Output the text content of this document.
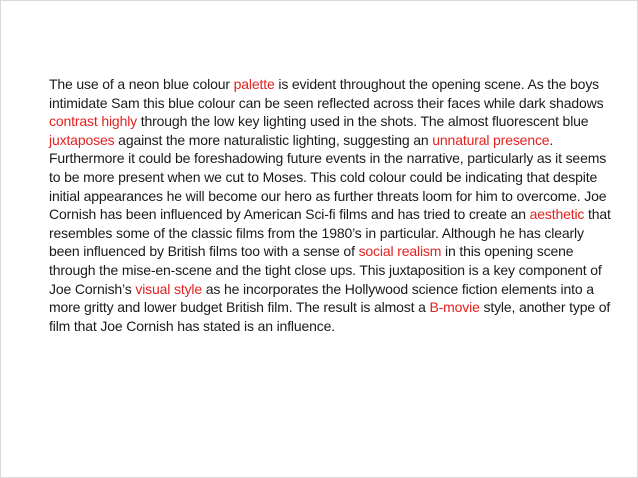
The use of a neon blue colour palette is evident throughout the opening scene. As the boys
intimidate Sam this blue colour can be seen reflected across their faces while dark shadows
contrast highly through the low key lighting used in the shots. The almost fluorescent blue
juxtaposes against the more naturalistic lighting, suggesting an unnatural presence.
Furthermore it could be foreshadowing future events in the narrative, particularly as it seems
to be more present when we cut to Moses. This cold colour could be indicating that despite
initial appearances he will become our hero as further threats loom for him to overcome. Joe
Cornish has been influenced by American Sci-fi films and has tried to create an aesthetic that
resembles some of the classic films from the 1980’s in particular. Although he has clearly
been influenced by British films too with a sense of social realism in this opening scene
through the mise-en-scene and the tight close ups. This juxtaposition is a key component of
Joe Cornish’s visual style as he incorporates the Hollywood science fiction elements into a
more gritty and lower budget British film. The result is almost a B-movie style, another type of
film that Joe Cornish has stated is an influence.
